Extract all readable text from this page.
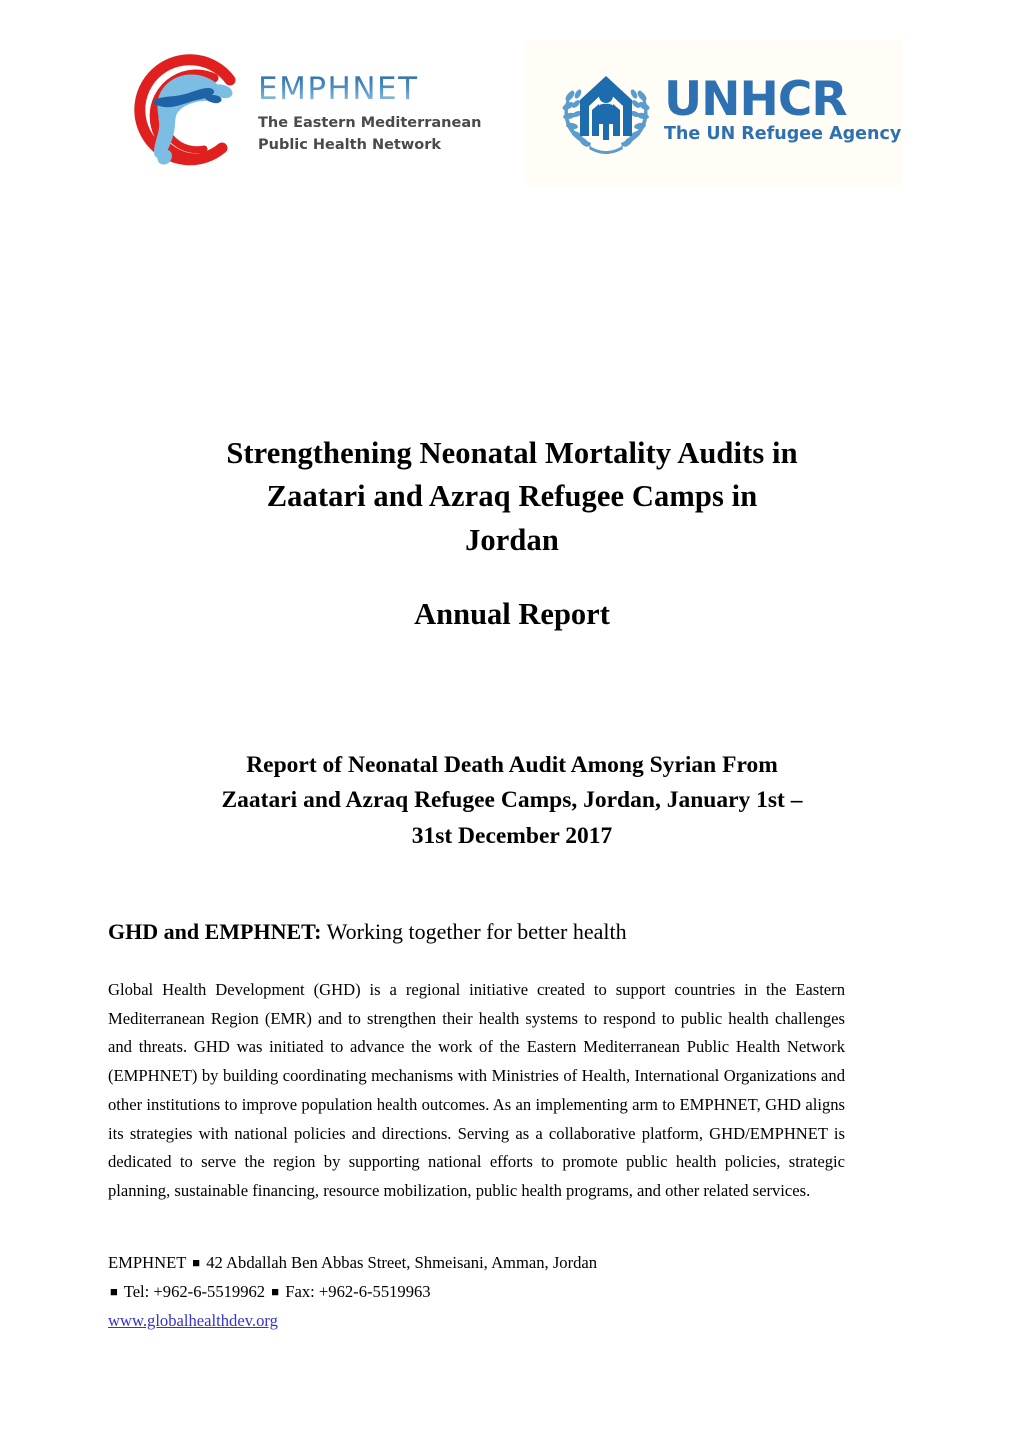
EMPHNET
The Eastern Mediterranean
Public Health Network
UNHCR
The UN Refugee Agency
Strengthening Neonatal Mortality Audits in
Zaatari and Azraq Refugee Camps in
Jordan
Annual Report
Report of Neonatal Death Audit Among Syrian From
Zaatari and Azraq Refugee Camps, Jordan, January 1st –
31st December 2017
GHD and EMPHNET: Working together for better health
Global Health Development (GHD) is a regional initiative created to support countries in the Eastern Mediterranean Region (EMR) and to strengthen their health systems to respond to public health challenges and threats. GHD was initiated to advance the work of the Eastern Mediterranean Public Health Network (EMPHNET) by building coordinating mechanisms with Ministries of Health, International Organizations and other institutions to improve population health outcomes. As an implementing arm to EMPHNET, GHD aligns its strategies with national policies and directions. Serving as a collaborative platform, GHD/EMPHNET is dedicated to serve the region by supporting national efforts to promote public health policies, strategic planning, sustainable financing, resource mobilization, public health programs, and other related services.
EMPHNET ■ 42 Abdallah Ben Abbas Street, Shmeisani, Amman, Jordan
■ Tel: +962-6-5519962 ■ Fax: +962-6-5519963
www.globalhealthdev.org
